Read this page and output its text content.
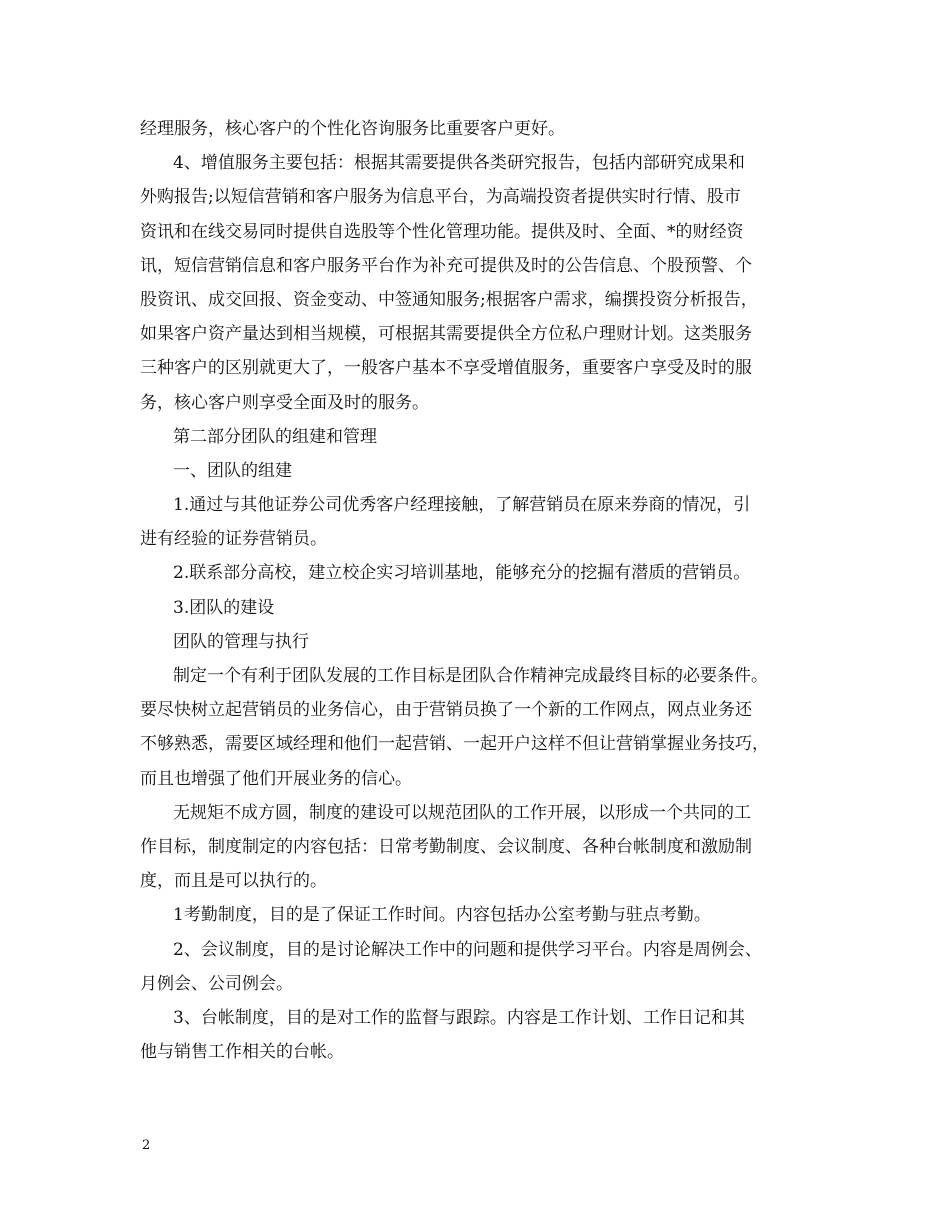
经理服务，核心客户的个性化咨询服务比重要客户更好。
4、增值服务主要包括：根据其需要提供各类研究报告，包括内部研究成果和
外购报告;以短信营销和客户服务为信息平台，为高端投资者提供实时行情、股市
资讯和在线交易同时提供自选股等个性化管理功能。提供及时、全面、*的财经资
讯，短信营销信息和客户服务平台作为补充可提供及时的公告信息、个股预警、个
股资讯、成交回报、资金变动、中签通知服务;根据客户需求，编撰投资分析报告，
如果客户资产量达到相当规模，可根据其需要提供全方位私户理财计划。这类服务
三种客户的区别就更大了，一般客户基本不享受增值服务，重要客户享受及时的服
务，核心客户则享受全面及时的服务。
第二部分团队的组建和管理
一、团队的组建
1.通过与其他证券公司优秀客户经理接触，了解营销员在原来券商的情况，引
进有经验的证券营销员。
2.联系部分高校，建立校企实习培训基地，能够充分的挖掘有潜质的营销员。
3.团队的建设
团队的管理与执行
制定一个有利于团队发展的工作目标是团队合作精神完成最终目标的必要条件。
要尽快树立起营销员的业务信心，由于营销员换了一个新的工作网点，网点业务还
不够熟悉，需要区域经理和他们一起营销、一起开户这样不但让营销掌握业务技巧，
而且也增强了他们开展业务的信心。
无规矩不成方圆，制度的建设可以规范团队的工作开展，以形成一个共同的工
作目标，制度制定的内容包括：日常考勤制度、会议制度、各种台帐制度和激励制
度，而且是可以执行的。
1考勤制度，目的是了保证工作时间。内容包括办公室考勤与驻点考勤。
2、会议制度，目的是讨论解决工作中的问题和提供学习平台。内容是周例会、
月例会、公司例会。
3、台帐制度，目的是对工作的监督与跟踪。内容是工作计划、工作日记和其
他与销售工作相关的台帐。
2
